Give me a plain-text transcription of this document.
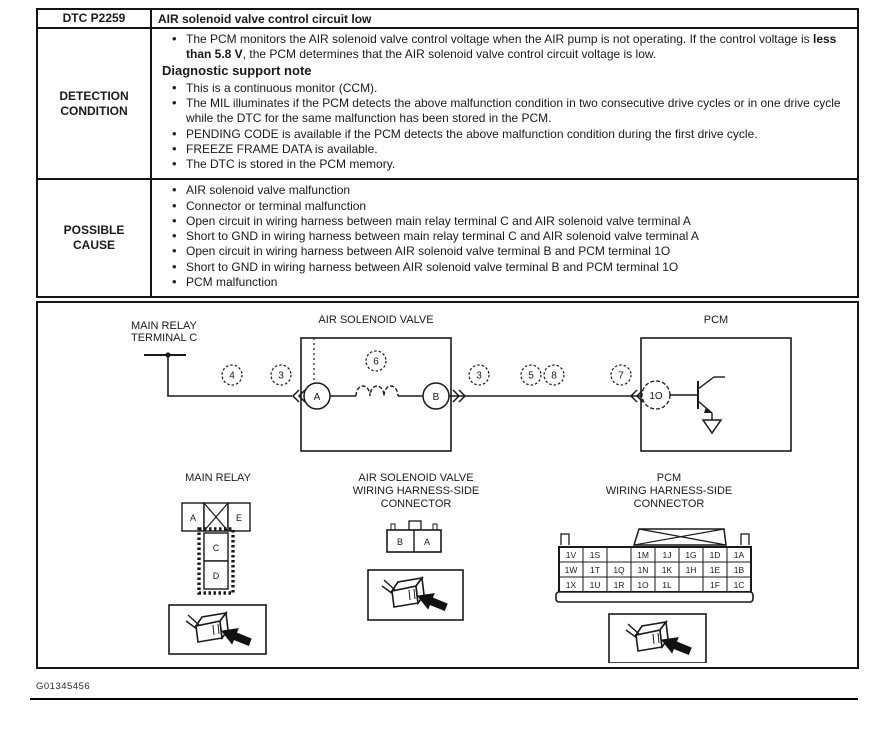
DTC P2259	AIR solenoid valve control circuit low

DETECTION
CONDITION

• The PCM monitors the AIR solenoid valve control voltage when the AIR pump is not operating. If the control voltage is less than 5.8 V, the PCM determines that the AIR solenoid valve control circuit voltage is low.
Diagnostic support note
• This is a continuous monitor (CCM).
• The MIL illuminates if the PCM detects the above malfunction condition in two consecutive drive cycles or in one drive cycle while the DTC for the same malfunction has been stored in the PCM.
• PENDING CODE is available if the PCM detects the above malfunction condition during the first drive cycle.
• FREEZE FRAME DATA is available.
• The DTC is stored in the PCM memory.

POSSIBLE
CAUSE

• AIR solenoid valve malfunction
• Connector or terminal malfunction
• Open circuit in wiring harness between main relay terminal C and AIR solenoid valve terminal A
• Short to GND in wiring harness between main relay terminal C and AIR solenoid valve terminal A
• Open circuit in wiring harness between AIR solenoid valve terminal B and PCM terminal 1O
• Short to GND in wiring harness between AIR solenoid valve terminal B and PCM terminal 1O
• PCM malfunction
MAIN RELAY
TERMINAL C
AIR SOLENOID VALVE
A	B
4	3
6
3	5 8	7
PCM
1O
MAIN RELAY
A	E
C
D
AIR SOLENOID VALVE
WIRING HARNESS-SIDE
CONNECTOR
B A
PCM
WIRING HARNESS-SIDE
CONNECTOR
1V 1S	1M 1J 1G 1D 1A
1W 1T 1Q 1N 1K 1H 1E 1B
1X 1U 1R 1O 1L	1F 1C
G01345456
